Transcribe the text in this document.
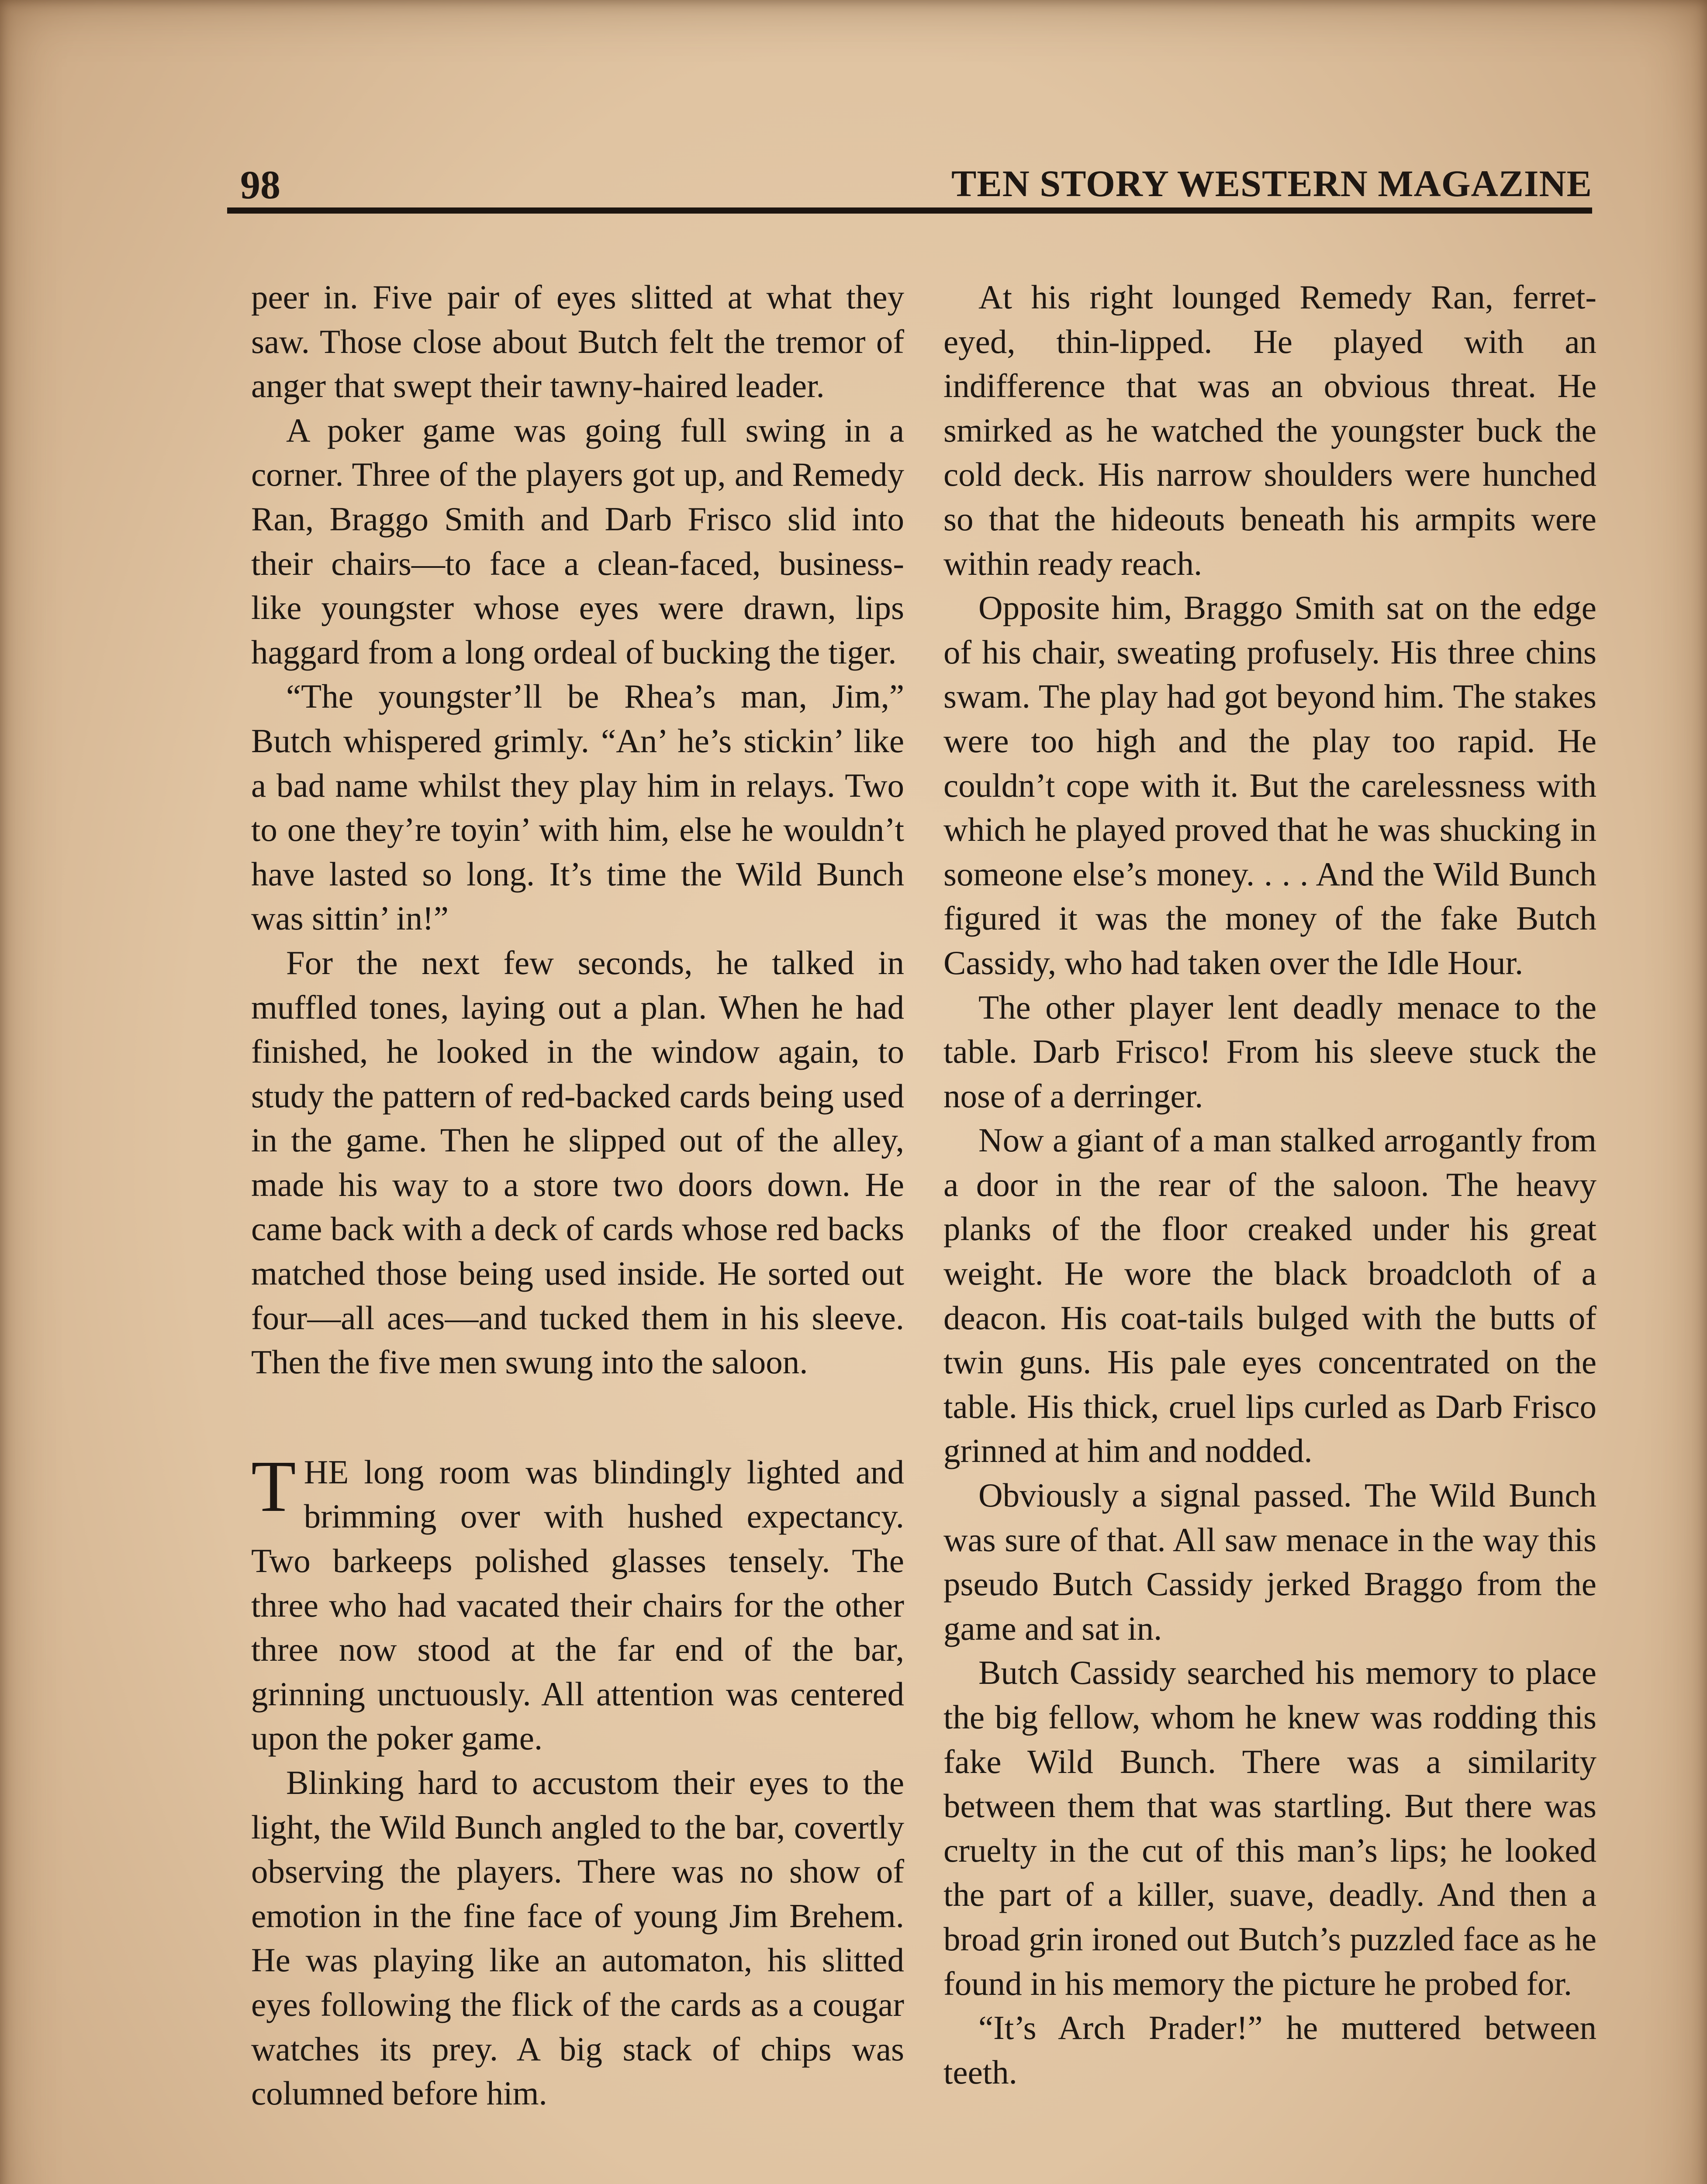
98	TEN STORY WESTERN MAGAZINE

peer in. Five pair of eyes slitted at what they saw. Those close about Butch felt the tremor of anger that swept their tawny-haired leader.

A poker game was going full swing in a corner. Three of the players got up, and Remedy Ran, Braggo Smith and Darb Frisco slid into their chairs—to face a clean-faced, business-like youngster whose eyes were drawn, lips haggard from a long ordeal of bucking the tiger.

“The youngster’ll be Rhea’s man, Jim,” Butch whispered grimly. “An’ he’s stickin’ like a bad name whilst they play him in relays. Two to one they’re toyin’ with him, else he wouldn’t have lasted so long. It’s time the Wild Bunch was sittin’ in!”

For the next few seconds, he talked in muffled tones, laying out a plan. When he had finished, he looked in the window again, to study the pattern of red-backed cards being used in the game. Then he slipped out of the alley, made his way to a store two doors down. He came back with a deck of cards whose red backs matched those being used inside. He sorted out four—all aces—and tucked them in his sleeve. Then the five men swung into the saloon.

THE long room was blindingly lighted and brimming over with hushed expectancy. Two barkeeps polished glasses tensely. The three who had vacated their chairs for the other three now stood at the far end of the bar, grinning unctuously. All attention was centered upon the poker game.

Blinking hard to accustom their eyes to the light, the Wild Bunch angled to the bar, covertly observing the players. There was no show of emotion in the fine face of young Jim Brehem. He was playing like an automaton, his slitted eyes following the flick of the cards as a cougar watches its prey. A big stack of chips was columned before him.

At his right lounged Remedy Ran, ferret-eyed, thin-lipped. He played with an indifference that was an obvious threat. He smirked as he watched the youngster buck the cold deck. His narrow shoulders were hunched so that the hideouts beneath his armpits were within ready reach.

Opposite him, Braggo Smith sat on the edge of his chair, sweating profusely. His three chins swam. The play had got beyond him. The stakes were too high and the play too rapid. He couldn’t cope with it. But the carelessness with which he played proved that he was shucking in someone else’s money. . . . And the Wild Bunch figured it was the money of the fake Butch Cassidy, who had taken over the Idle Hour.

The other player lent deadly menace to the table. Darb Frisco! From his sleeve stuck the nose of a derringer.

Now a giant of a man stalked arrogantly from a door in the rear of the saloon. The heavy planks of the floor creaked under his great weight. He wore the black broadcloth of a deacon. His coat-tails bulged with the butts of twin guns. His pale eyes concentrated on the table. His thick, cruel lips curled as Darb Frisco grinned at him and nodded.

Obviously a signal passed. The Wild Bunch was sure of that. All saw menace in the way this pseudo Butch Cassidy jerked Braggo from the game and sat in.

Butch Cassidy searched his memory to place the big fellow, whom he knew was rodding this fake Wild Bunch. There was a similarity between them that was startling. But there was cruelty in the cut of this man’s lips; he looked the part of a killer, suave, deadly. And then a broad grin ironed out Butch’s puzzled face as he found in his memory the picture he probed for.

“It’s Arch Prader!” he muttered between teeth.
